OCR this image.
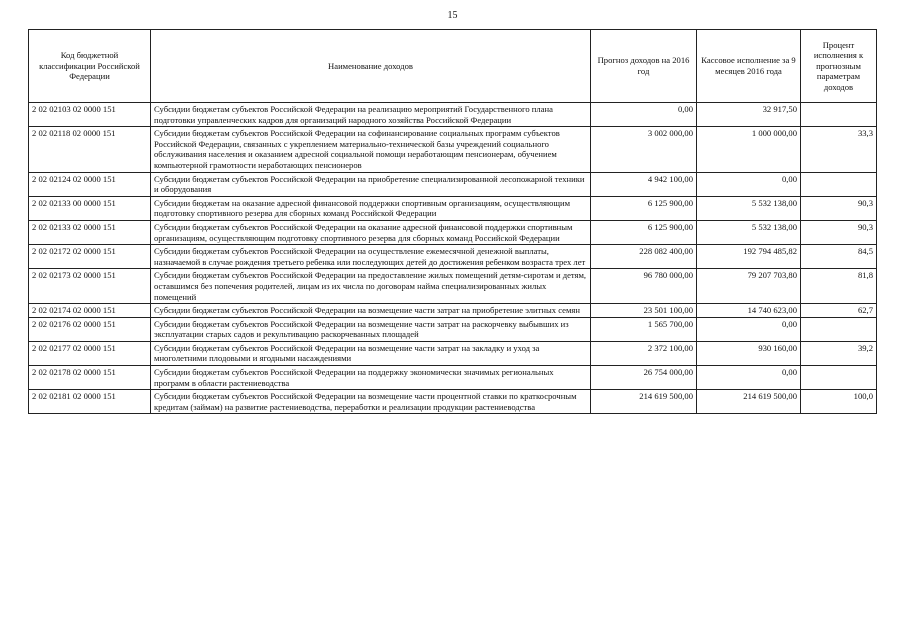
15
Код бюджетной классификации Российской Федерации	Наименование доходов	Прогноз доходов на 2016 год	Кассовое исполнение за 9 месяцев 2016 года	Процент исполнения к прогнозным параметрам доходов
2 02 02103 02 0000 151	Субсидии бюджетам субъектов Российской Федерации на реализацию мероприятий Государственного плана подготовки управленческих кадров для организаций народного хозяйства Российской Федерации	0,00	32 917,50	
2 02 02118 02 0000 151	Субсидии бюджетам субъектов Российской Федерации на софинансирование социальных программ субъектов Российской Федерации, связанных с укреплением материально-технической базы учреждений социального обслуживания населения и оказанием адресной социальной помощи неработающим пенсионерам, обучением компьютерной грамотности неработающих пенсионеров	3 002 000,00	1 000 000,00	33,3
2 02 02124 02 0000 151	Субсидии бюджетам субъектов Российской Федерации на приобретение специализированной лесопожарной техники и оборудования	4 942 100,00	0,00	
2 02 02133 00 0000 151	Субсидии бюджетам на оказание адресной финансовой поддержки спортивным организациям, осуществляющим подготовку спортивного резерва для сборных команд Российской Федерации	6 125 900,00	5 532 138,00	90,3
2 02 02133 02 0000 151	Субсидии бюджетам субъектов Российской Федерации на оказание адресной финансовой поддержки спортивным организациям, осуществляющим подготовку спортивного резерва для сборных команд Российской Федерации	6 125 900,00	5 532 138,00	90,3
2 02 02172 02 0000 151	Субсидии бюджетам субъектов Российской Федерации на осуществление ежемесячной денежной выплаты, назначаемой в случае рождения третьего ребенка или последующих детей до достижения ребенком возраста трех лет	228 082 400,00	192 794 485,82	84,5
2 02 02173 02 0000 151	Субсидии бюджетам субъектов Российской Федерации на предоставление жилых помещений детям-сиротам и детям, оставшимся без попечения родителей, лицам из их числа по договорам найма специализированных жилых помещений	96 780 000,00	79 207 703,80	81,8
2 02 02174 02 0000 151	Субсидии бюджетам субъектов Российской Федерации на возмещение части затрат на приобретение элитных семян	23 501 100,00	14 740 623,00	62,7
2 02 02176 02 0000 151	Субсидии бюджетам субъектов Российской Федерации на возмещение части затрат на раскорчевку выбывших из эксплуатации старых садов и рекультивацию раскорчеванных площадей	1 565 700,00	0,00	
2 02 02177 02 0000 151	Субсидии бюджетам субъектов Российской Федерации на возмещение части затрат на закладку и уход за многолетними плодовыми и ягодными насаждениями	2 372 100,00	930 160,00	39,2
2 02 02178 02 0000 151	Субсидии бюджетам субъектов Российской Федерации на поддержку экономически значимых региональных программ в области растениеводства	26 754 000,00	0,00	
2 02 02181 02 0000 151	Субсидии бюджетам субъектов Российской Федерации на возмещение части процентной ставки по краткосрочным кредитам (займам) на развитие растениеводства, переработки и реализации продукции растениеводства	214 619 500,00	214 619 500,00	100,0
